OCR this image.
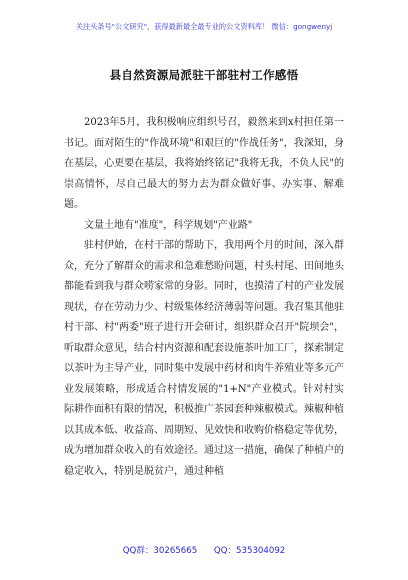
关注头条号"公文研究"，获得最新最全最专业的公文资料库！ 微信：gongwenyj
县自然资源局派驻干部驻村工作感悟

2023年5月，我积极响应组织号召，毅然来到x村担任第一书记。面对陌生的"作战环境"和艰巨的"作战任务"，我深知，身在基层，心更要在基层，我将始终铭记"我将无我，不负人民"的崇高情怀，尽自己最大的努力去为群众做好事、办实事、解难题。

文量土地有"准度"，科学规划"产业路"

驻村伊始，在村干部的帮助下，我用两个月的时间，深入群众，充分了解群众的需求和急难愁盼问题，村头村尾、田间地头都能看到我与群众唠家常的身影。同时，也摸清了村的产业发展现状，存在劳动力少、村级集体经济薄弱等问题。我召集其他驻村干部、村"两委"班子进行开会研讨，组织群众召开"院坝会"，听取群众意见，结合村内资源和配套设施茶叶加工厂，探索制定以茶叶为主导产业，同时集中发展中药材和肉牛养殖业等多元产业发展策略，形成适合村情发展的"1+N"产业模式。针对村实际耕作面积有限的情况，积极推广茶园套种辣椒模式。辣椒种植以其成本低、收益高、周期短、见效快和收购价格稳定等优势，成为增加群众收入的有效途径。通过这一措施，确保了种植户的稳定收入，特别是脱贫户，通过种植

QQ群：30265665 QQ：535304092
